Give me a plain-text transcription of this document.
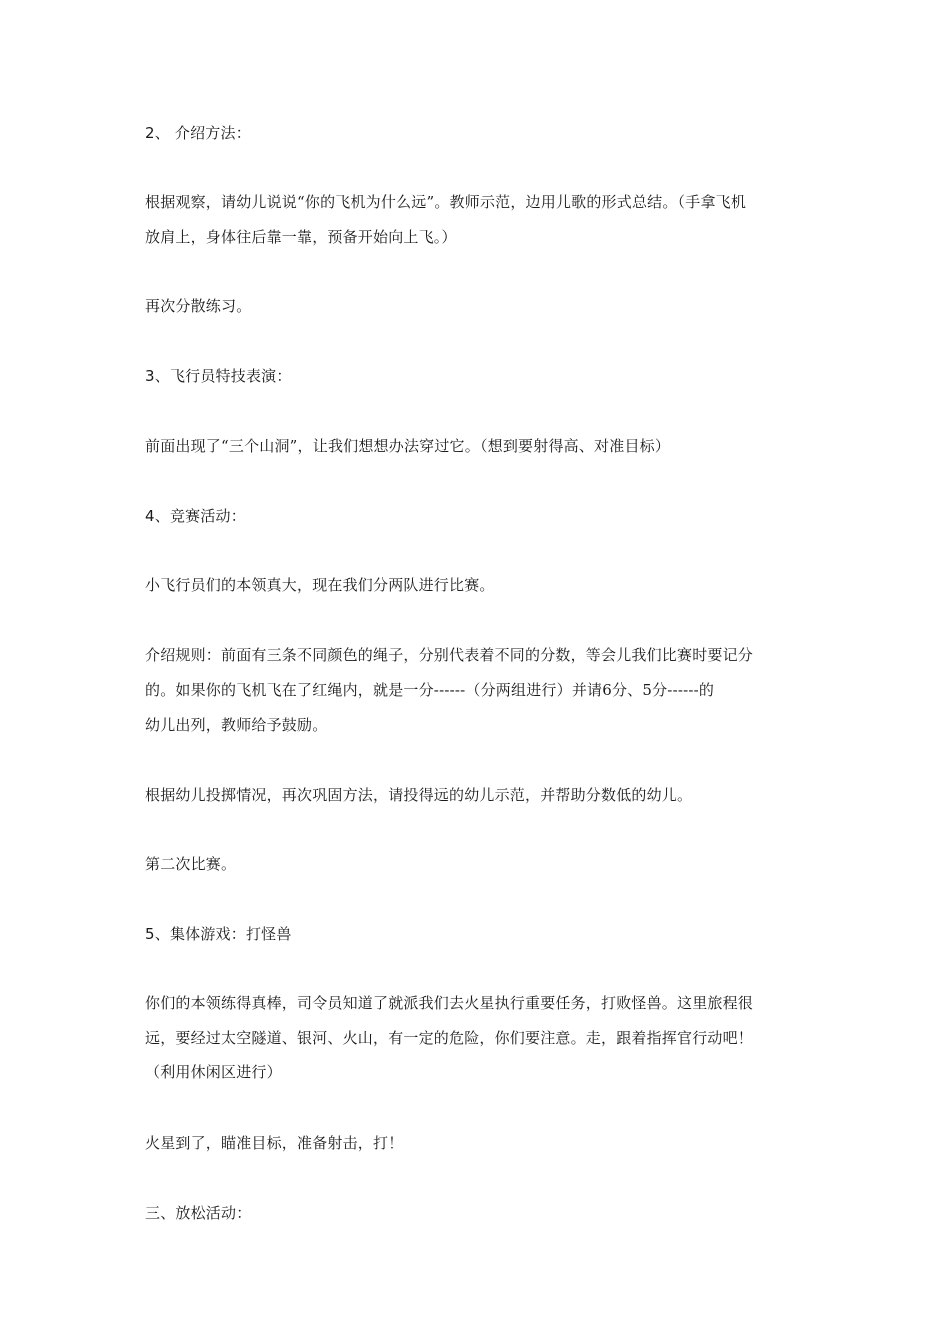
2、 介绍方法：
根据观察，请幼儿说说“你的飞机为什么远”。教师示范，边用儿歌的形式总结。（手拿飞机
放肩上，身体往后靠一靠，预备开始向上飞。）
再次分散练习。
3、飞行员特技表演：
前面出现了“三个山洞”，让我们想想办法穿过它。（想到要射得高、对准目标）
4、竞赛活动：
小飞行员们的本领真大，现在我们分两队进行比赛。
介绍规则：前面有三条不同颜色的绳子，分别代表着不同的分数，等会儿我们比赛时要记分
的。如果你的飞机飞在了红绳内，就是一分------（分两组进行）并请6分、5分------的
幼儿出列，教师给予鼓励。
根据幼儿投掷情况，再次巩固方法，请投得远的幼儿示范，并帮助分数低的幼儿。
第二次比赛。
5、集体游戏：打怪兽
你们的本领练得真棒，司令员知道了就派我们去火星执行重要任务，打败怪兽。这里旅程很
远，要经过太空隧道、银河、火山，有一定的危险，你们要注意。走，跟着指挥官行动吧！
（利用休闲区进行）
火星到了，瞄准目标，准备射击，打！
三、放松活动：
